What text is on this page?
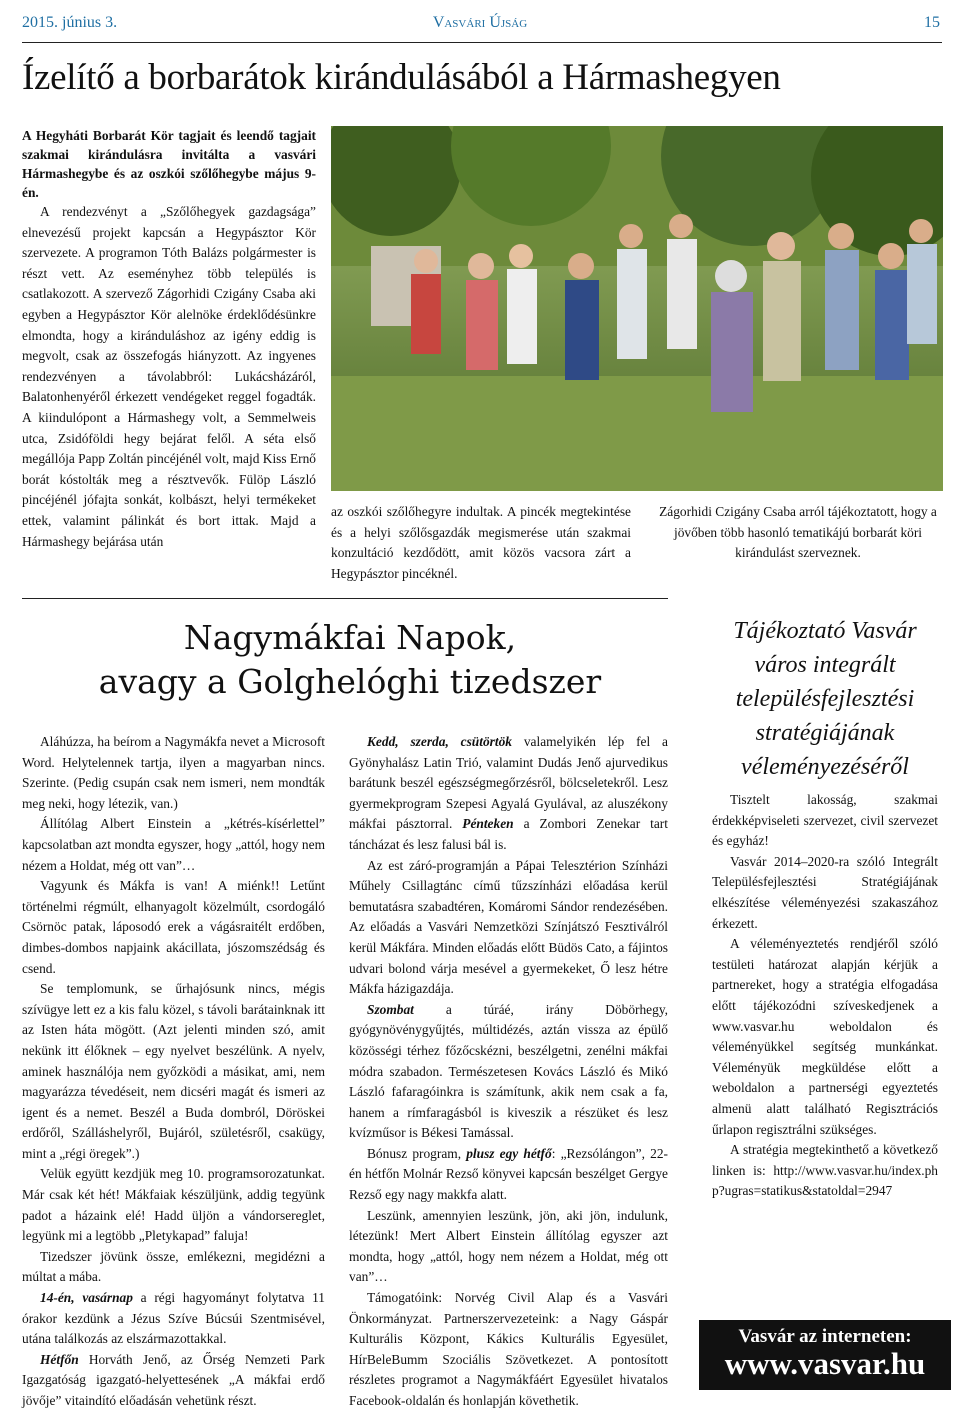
2015. június 3.	Vasvári Újság	15
Ízelítő a borbarátok kirándulásából a Hármashegyen

A Hegyháti Borbarát Kör tagjait és leendő tagjait szakmai kirándulásra invitálta a vasvári Hármashegybe és az oszkói szőlőhegybe május 9-én.

A rendezvényt a „Szőlőhegyek gazdagsága” elnevezésű projekt kapcsán a Hegypásztor Kör szervezete. A programon Tóth Balázs polgármester is részt vett. Az eseményhez több település is csatlakozott. A szervező Zágorhidi Czigány Csaba aki egyben a Hegypásztor Kör alelnöke érdeklődésünkre elmondta, hogy a kiránduláshoz az igény eddig is megvolt, csak az összefogás hiányzott. Az ingyenes rendezvényen a távolabbról: Lukácsházáról, Balatonhenyéről érkezett vendégeket reggel fogadták. A kiindulópont a Hármashegy volt, a Semmelweis utca, Zsidóföldi hegy bejárat felől. A séta első megállója Papp Zoltán pincéjénél volt, majd Kiss Ernő borát kóstolták meg a résztvevők. Fülöp László pincéjénél jófajta sonkát, kolbászt, helyi termékeket ettek, valamint pálinkát és bort ittak. Majd a Hármashegy bejárása után

az oszkói szőlőhegyre indultak. A pincék megtekintése és a helyi szőlősgazdák megismerése után szakmai konzultáció kezdődött, amit közös vacsora zárt a Hegypásztor pincéknél.

Zágorhidi Czigány Csaba arról tájékoztatott, hogy a jövőben több hasonló tematikájú borbarát köri kirándulást szerveznek.

Nagymákfai Napok,
avagy a Golghelóghi tizedszer

Aláhúzza, ha beírom a Nagymákfa nevet a Microsoft Word. Helytelennek tartja, ilyen a magyarban nincs. Szerinte. (Pedig csupán csak nem ismeri, nem mondták meg neki, hogy létezik, van.)

Állítólag Albert Einstein a „kétrés-kísérlettel” kapcsolatban azt mondta egyszer, hogy „attól, hogy nem nézem a Holdat, még ott van”…

Vagyunk és Mákfa is van! A miénk!! Letűnt történelmi régmúlt, elhanyagolt közelmúlt, csordogáló Csörnöc patak, láposodó erek a vágásraitélt erdőben, dimbes-dombos napjaink akácillata, jószomszédság és csend.

Se templomunk, se űrhajósunk nincs, mégis szívügye lett ez a kis falu közel, s távoli barátainknak itt az Isten háta mögött. (Azt jelenti minden szó, amit nekünk itt élőknek – egy nyelvet beszélünk. A nyelv, aminek használója nem győzködi a másikat, ami, nem magyarázza tévedéseit, nem dicséri magát és ismeri az igent és a nemet. Beszél a Buda dombról, Döröskei erdőről, Szálláshelyről, Bujáról, születésről, csakügy, mint a „régi öregek”.)

Velük együtt kezdjük meg 10. programsorozatunkat. Már csak két hét! Mákfaiak készüljünk, addig tegyünk padot a házaink elé! Hadd üljön a vándorsereglet, legyünk mi a legtöbb „Pletykapad” faluja!

Tizedszer jövünk össze, emlékezni, megidézni a múltat a mába.

14-én, vasárnap a régi hagyományt folytatva 11 órakor kezdünk a Jézus Szíve Búcsúi Szentmisével, utána találkozás az elszármazottakkal.

Hétfőn Horváth Jenő, az Őrség Nemzeti Park Igazgatóság igazgató-helyettesének „A mákfai erdő jövője” vitaindító előadásán vehetünk részt.

Kedd, szerda, csütörtök valamelyikén lép fel a Gyönyhalász Latin Trió, valamint Dudás Jenő ajurvedikus barátunk beszél egészségmegőrzésről, bölcseletekről. Lesz gyermekprogram Szepesi Agyalá Gyulával, az aluszékony mákfai pásztorral. Pénteken a Zombori Zenekar tart táncházat és lesz falusi bál is.

Az est záró-programján a Pápai Telesztérion Színházi Műhely Csillagtánc című tűzszínházi előadása kerül bemutatásra szabadtéren, Komáromi Sándor rendezésében. Az előadás a Vasvári Nemzetközi Színjátszó Fesztiválról kerül Mákfára. Minden előadás előtt Büdös Cato, a fájintos udvari bolond várja mesével a gyermekeket, Ő lesz hétre Mákfa házigazdája.

Szombat a túráé, irány Döbörhegy, gyógynövénygyűjtés, múltidézés, aztán vissza az épülő közösségi térhez főzőcskézni, beszélgetni, zenélni mákfai módra szabadon. Természetesen Kovács László és Mikó László fafaragóinkra is számítunk, akik nem csak a fa, hanem a rímfaragásból is kiveszik a részüket és lesz kvízműsor is Békesi Tamással.

Bónusz program, plusz egy hétfő: „Rezsólángon”, 22-én hétfőn Molnár Rezső könyvei kapcsán beszélget Gergye Rezső egy nagy makkfa alatt.

Leszünk, amennyien leszünk, jön, aki jön, indulunk, létezünk! Mert Albert Einstein állítólag egyszer azt mondta, hogy „attól, hogy nem nézem a Holdat, még ott van”…

Támogatóink: Norvég Civil Alap és a Vasvári Önkormányzat. Partnerszervezeteink: a Nagy Gáspár Kulturális Központ, Kákics Kulturális Egyesület, HírBeleBumm Szociális Szövetkezet. A pontosított részletes programot a Nagymákfáért Egyesület hivatalos Facebook-oldalán és honlapján követhetik.

Tájékoztató Vasvár város integrált településfejlesztési stratégiájának véleményezéséről

Tisztelt lakosság, szakmai érdekképviseleti szervezet, civil szervezet és egyház!

Vasvár 2014–2020-ra szóló Integrált Településfejlesztési Stratégiájának elkészítése véleményezési szakaszához érkezett.

A véleményeztetés rendjéről szóló testületi határozat alapján kérjük a partnereket, hogy a stratégia elfogadása előtt tájékozódni szíveskedjenek a www.vasvar.hu weboldalon és véleményükkel segítség munkánkat. Véleményük megküldése előtt a weboldalon a partnerségi egyeztetés almenü alatt található Regisztrációs űrlapon regisztrálni szükséges.

A stratégia megtekinthető a következő linken is: http://www.vasvar.hu/index.php?ugras=statikus&statoldal=2947

Vasvár az interneten:
www.vasvar.hu
